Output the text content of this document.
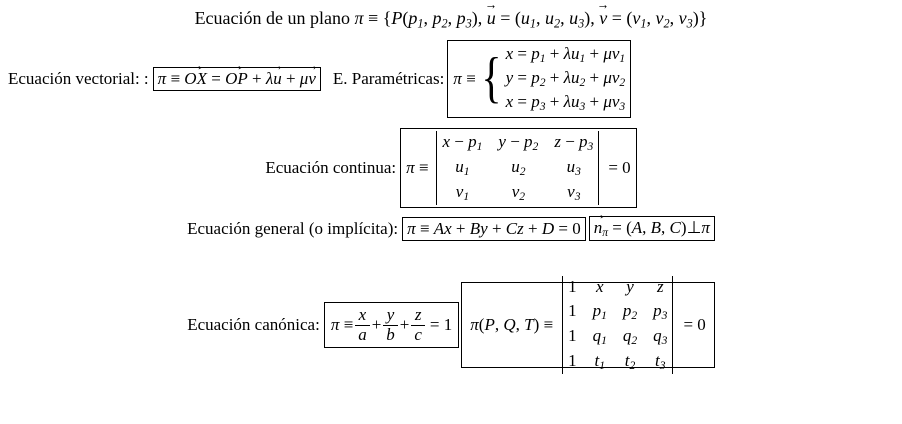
Ecuación de un plano $\pi \equiv \{P(p_1$, $p_2$, $p_3$), u → = ($u_1$, $u_2$, $u_3$), v → = ($v_1$, $v_2$, $v_3$)}
Ecuación vectorial: : π ≡ OX → = OP → + λu → + μv → E. Paramétricas: π ≡ { $x = p_1 + \lambda u_1 + \mu v_1$
$y = p_2 + \lambda u_2 + \mu v_2$
$x = p_3 + \lambda u_3 + \mu v_3$
Ecuación continua: π ≡
$x - p_1$ $y - p_2$ $z - p_3$
$u_1$	$u_2$	$u_3$
$v_1$	$v_2$	$v_3$
= 0
Ecuación general (o implícita): π ≡ Ax + By + Cz + D = 0 $n \to_\pi = (A$, B, C)⊥π
Ecuación canónica: $\pi \equiv \frac{x}{a} + \frac{y}{b} + \frac{z}{c} = 1$ π(P, Q, T) ≡
1 x y z
1 $p_1$ $p_2$ $p_3$
1 $q_1$ $q_2$ $q_3$
1 $t_1$ $t_2$ $t_3$
= 0
